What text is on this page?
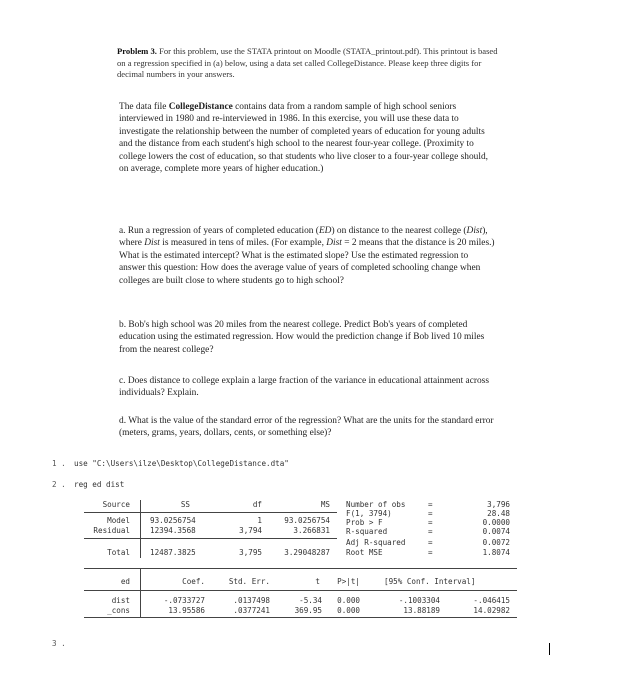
Problem 3. For this problem, use the STATA printout on Moodle (STATA_printout.pdf). This printout is based on a regression specified in (a) below, using a data set called CollegeDistance. Please keep three digits for decimal numbers in your answers.
The data file CollegeDistance contains data from a random sample of high school seniors interviewed in 1980 and re-interviewed in 1986. In this exercise, you will use these data to investigate the relationship between the number of completed years of education for young adults and the distance from each student's high school to the nearest four-year college. (Proximity to college lowers the cost of education, so that students who live closer to a four-year college should, on average, complete more years of higher education.)
a. Run a regression of years of completed education (ED) on distance to the nearest college (Dist), where Dist is measured in tens of miles. (For example, Dist = 2 means that the distance is 20 miles.) What is the estimated intercept? What is the estimated slope? Use the estimated regression to answer this question: How does the average value of years of completed schooling change when colleges are built close to where students go to high school?
b. Bob's high school was 20 miles from the nearest college. Predict Bob's years of completed education using the estimated regression. How would the prediction change if Bob lived 10 miles from the nearest college?
c. Does distance to college explain a large fraction of the variance in educational attainment across individuals? Explain.
d. What is the value of the standard error of the regression? What are the units for the standard error (meters, grams, years, dollars, cents, or something else)?
1 . use "C:\Users\ilze\Desktop\CollegeDistance.dta"
2 . reg ed dist
Source	SS	df	MS
Model	93.0256754	1	93.0256754
Residual	12394.3568	3,794	3.266831
Total	12487.3825	3,795	3.29048287
Number of obs	=	3,796
F(1, 3794)	=	28.48
Prob > F	=	0.0000
R-squared	=	0.0074
Adj R-squared	=	0.0072
Root MSE	=	1.8074
ed	Coef.	Std. Err.	t	P>|t|	[95% Conf. Interval]
dist	-.0733727	.0137498	-5.34	0.000	-.1003304	-.046415
_cons	13.95586	.0377241	369.95	0.000	13.88189	14.02982
3 .
